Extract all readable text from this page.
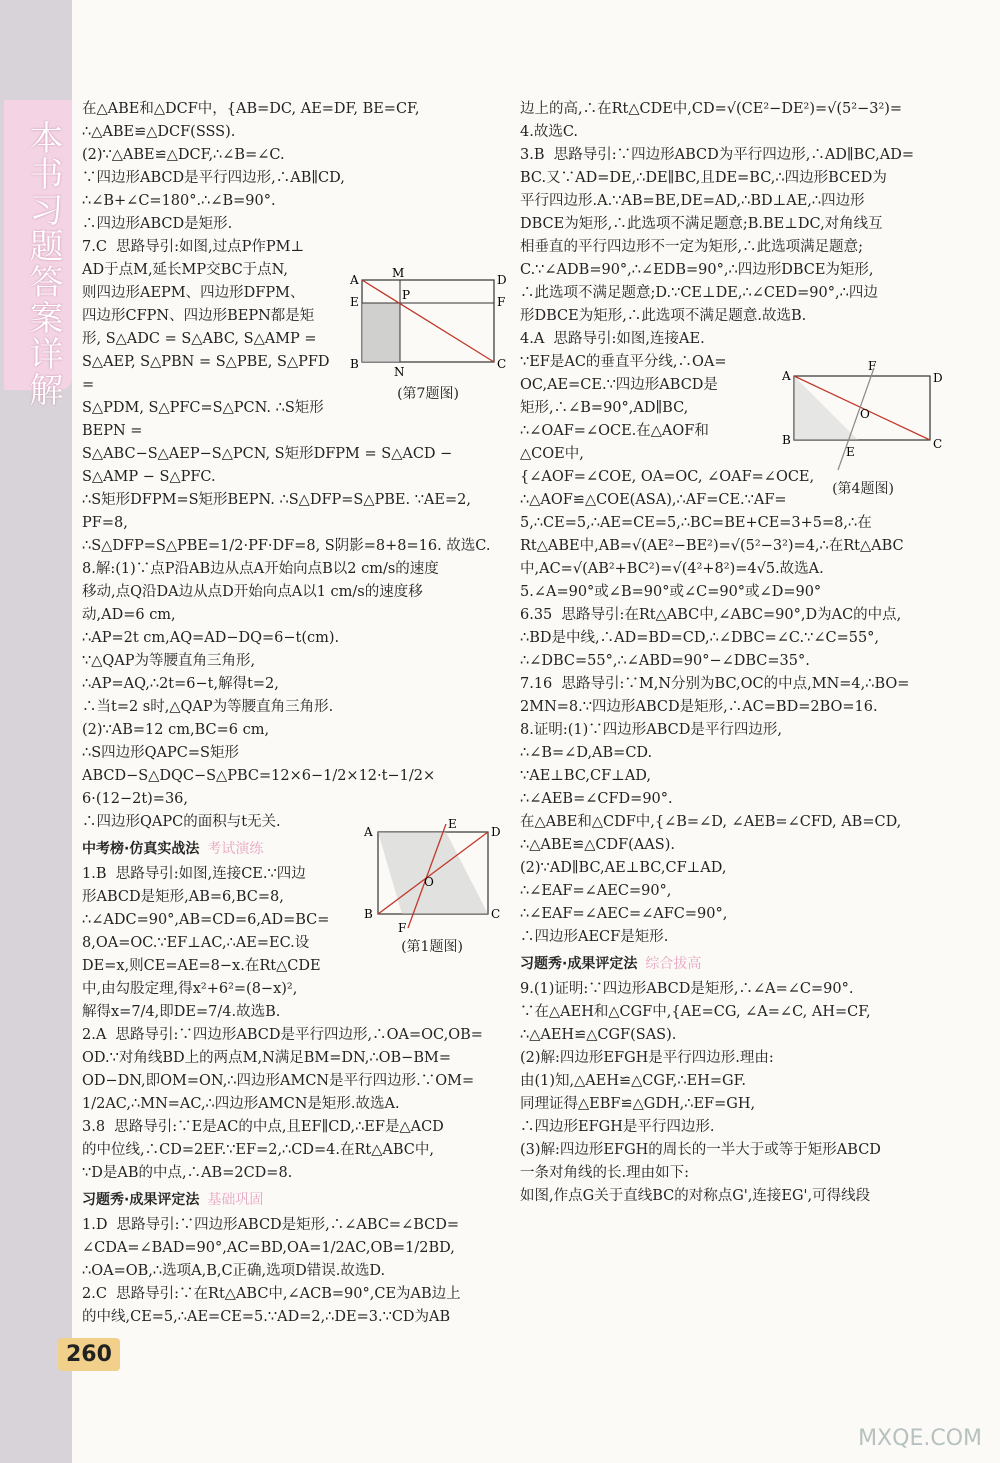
本书习题答案详解

在△ABE和△DCF中，{AB=DC, AE=DF, BE=CF, ∴△ABE≌△DCF(SSS).

(2)∵△ABE≌△DCF,∴∠B=∠C.

∵四边形ABCD是平行四边形,∴AB∥CD,

∴∠B+∠C=180°.∴∠B=90°.

∴四边形ABCD是矩形.

7.C  思路导引:如图,过点P作PM⊥

AD于点M,延长MP交BC于点N,

则四边形AEPM、四边形DFPM、

四边形CFPN、四边形BEPN都是矩

形, S△ADC = S△ABC, S△AMP =

S△AEP, S△PBN = S△PBE, S△PFD =

S△PDM, S△PFC=S△PCN. ∴S矩形BEPN =

S△ABC−S△AEP−S△PCN, S矩形DFPM = S△ACD − S△AMP − S△PFC.

∴S矩形DFPM=S矩形BEPN. ∴S△DFP=S△PBE. ∵AE=2, PF=8,

∴S△DFP=S△PBE=1/2·PF·DF=8, S阴影=8+8=16. 故选C.

8.解:(1)∵点P沿AB边从点A开始向点B以2 cm/s的速度

移动,点Q沿DA边从点D开始向点A以1 cm/s的速度移

动,AD=6 cm,

∴AP=2t cm,AQ=AD−DQ=6−t(cm).

∵△QAP为等腰直角三角形,

∴AP=AQ,∴2t=6−t,解得t=2,

∴当t=2 s时,△QAP为等腰直角三角形.

(2)∵AB=12 cm,BC=6 cm,

∴S四边形QAPC=S矩形ABCD−S△DQC−S△PBC=12×6−1/2×12·t−1/2×

6·(12−2t)=36,

∴四边形QAPC的面积与t无关.

中考榜·仿真实战法 考试演练

1.B  思路导引:如图,连接CE.∵四边

形ABCD是矩形,AB=6,BC=8,

∴∠ADC=90°,AB=CD=6,AD=BC=

8,OA=OC.∵EF⊥AC,∴AE=EC.设

DE=x,则CE=AE=8−x.在Rt△CDE

中,由勾股定理,得x²+6²=(8−x)²,

解得x=7/4,即DE=7/4.故选B.

2.A  思路导引:∵四边形ABCD是平行四边形,∴OA=OC,OB=

OD.∵对角线BD上的两点M,N满足BM=DN,∴OB−BM=

OD−DN,即OM=ON,∴四边形AMCN是平行四边形.∵OM=

1/2AC,∴MN=AC,∴四边形AMCN是矩形.故选A.

3.8  思路导引:∵E是AC的中点,且EF∥CD,∴EF是△ACD

的中位线,∴CD=2EF.∵EF=2,∴CD=4.在Rt△ABC中,

∵D是AB的中点,∴AB=2CD=8.

习题秀·成果评定法 基础巩固

1.D  思路导引:∵四边形ABCD是矩形,∴∠ABC=∠BCD=

∠CDA=∠BAD=90°,AC=BD,OA=1/2AC,OB=1/2BD,

∴OA=OB,∴选项A,B,C正确,选项D错误.故选D.

2.C  思路导引:∵在Rt△ABC中,∠ACB=90°,CE为AB边上

的中线,CE=5,∴AE=CE=5.∵AD=2,∴DE=3.∵CD为AB

边上的高,∴在Rt△CDE中,CD=√(CE²−DE²)=√(5²−3²)=

4.故选C.

3.B  思路导引:∵四边形ABCD为平行四边形,∴AD∥BC,AD=

BC.又∵AD=DE,∴DE∥BC,且DE=BC,∴四边形BCED为

平行四边形.A.∵AB=BE,DE=AD,∴BD⊥AE,∴四边形

DBCE为矩形,∴此选项不满足题意;B.BE⊥DC,对角线互

相垂直的平行四边形不一定为矩形,∴此选项满足题意;

C.∵∠ADB=90°,∴∠EDB=90°,∴四边形DBCE为矩形,

∴此选项不满足题意;D.∵CE⊥DE,∴∠CED=90°,∴四边

形DBCE为矩形,∴此选项不满足题意.故选B.

4.A  思路导引:如图,连接AE.

∵EF是AC的垂直平分线,∴OA=

OC,AE=CE.∵四边形ABCD是

矩形,∴∠B=90°,AD∥BC,

∴∠OAF=∠OCE.在△AOF和

△COE中,

{∠AOF=∠COE, OA=OC, ∠OAF=∠OCE, ∴△AOF≌△COE(ASA),∴AF=CE.∵AF=

5,∴CE=5,∴AE=CE=5,∴BC=BE+CE=3+5=8,∴在

Rt△ABE中,AB=√(AE²−BE²)=√(5²−3²)=4,∴在Rt△ABC

中,AC=√(AB²+BC²)=√(4²+8²)=4√5.故选A.

5.∠A=90°或∠B=90°或∠C=90°或∠D=90°

6.35  思路导引:在Rt△ABC中,∠ABC=90°,D为AC的中点,

∴BD是中线,∴AD=BD=CD,∴∠DBC=∠C.∵∠C=55°,

∴∠DBC=55°,∴∠ABD=90°−∠DBC=35°.

7.16  思路导引:∵M,N分别为BC,OC的中点,MN=4,∴BO=

2MN=8.∵四边形ABCD是矩形,∴AC=BD=2BO=16.

8.证明:(1)∵四边形ABCD是平行四边形,

∴∠B=∠D,AB=CD.

∵AE⊥BC,CF⊥AD,

∴∠AEB=∠CFD=90°.

在△ABE和△CDF中,{∠B=∠D, ∠AEB=∠CFD, AB=CD,

∴△ABE≌△CDF(AAS).

(2)∵AD∥BC,AE⊥BC,CF⊥AD,

∴∠EAF=∠AEC=90°,

∴∠EAF=∠AEC=∠AFC=90°,

∴四边形AECF是矩形.

习题秀·成果评定法 综合拔高

9.(1)证明:∵四边形ABCD是矩形,∴∠A=∠C=90°.

∵在△AEH和△CGF中,{AE=CG, ∠A=∠C, AH=CF,

∴△AEH≌△CGF(SAS).

(2)解:四边形EFGH是平行四边形.理由:

由(1)知,△AEH≌△CGF,∴EH=GF.

同理证得△EBF≌△GDH,∴EF=GH,

∴四边形EFGH是平行四边形.

(3)解:四边形EFGH的周长的一半大于或等于矩形ABCD

一条对角线的长.理由如下:

如图,作点G关于直线BC的对称点G',连接EG',可得线段

M
A	D
E	P	F
B
N
C
(第7题图)
A
E
D
O
B
F
C
(第1题图)
A
F
D
O
B
E
C
(第4题图)
260
MXQE.COM
